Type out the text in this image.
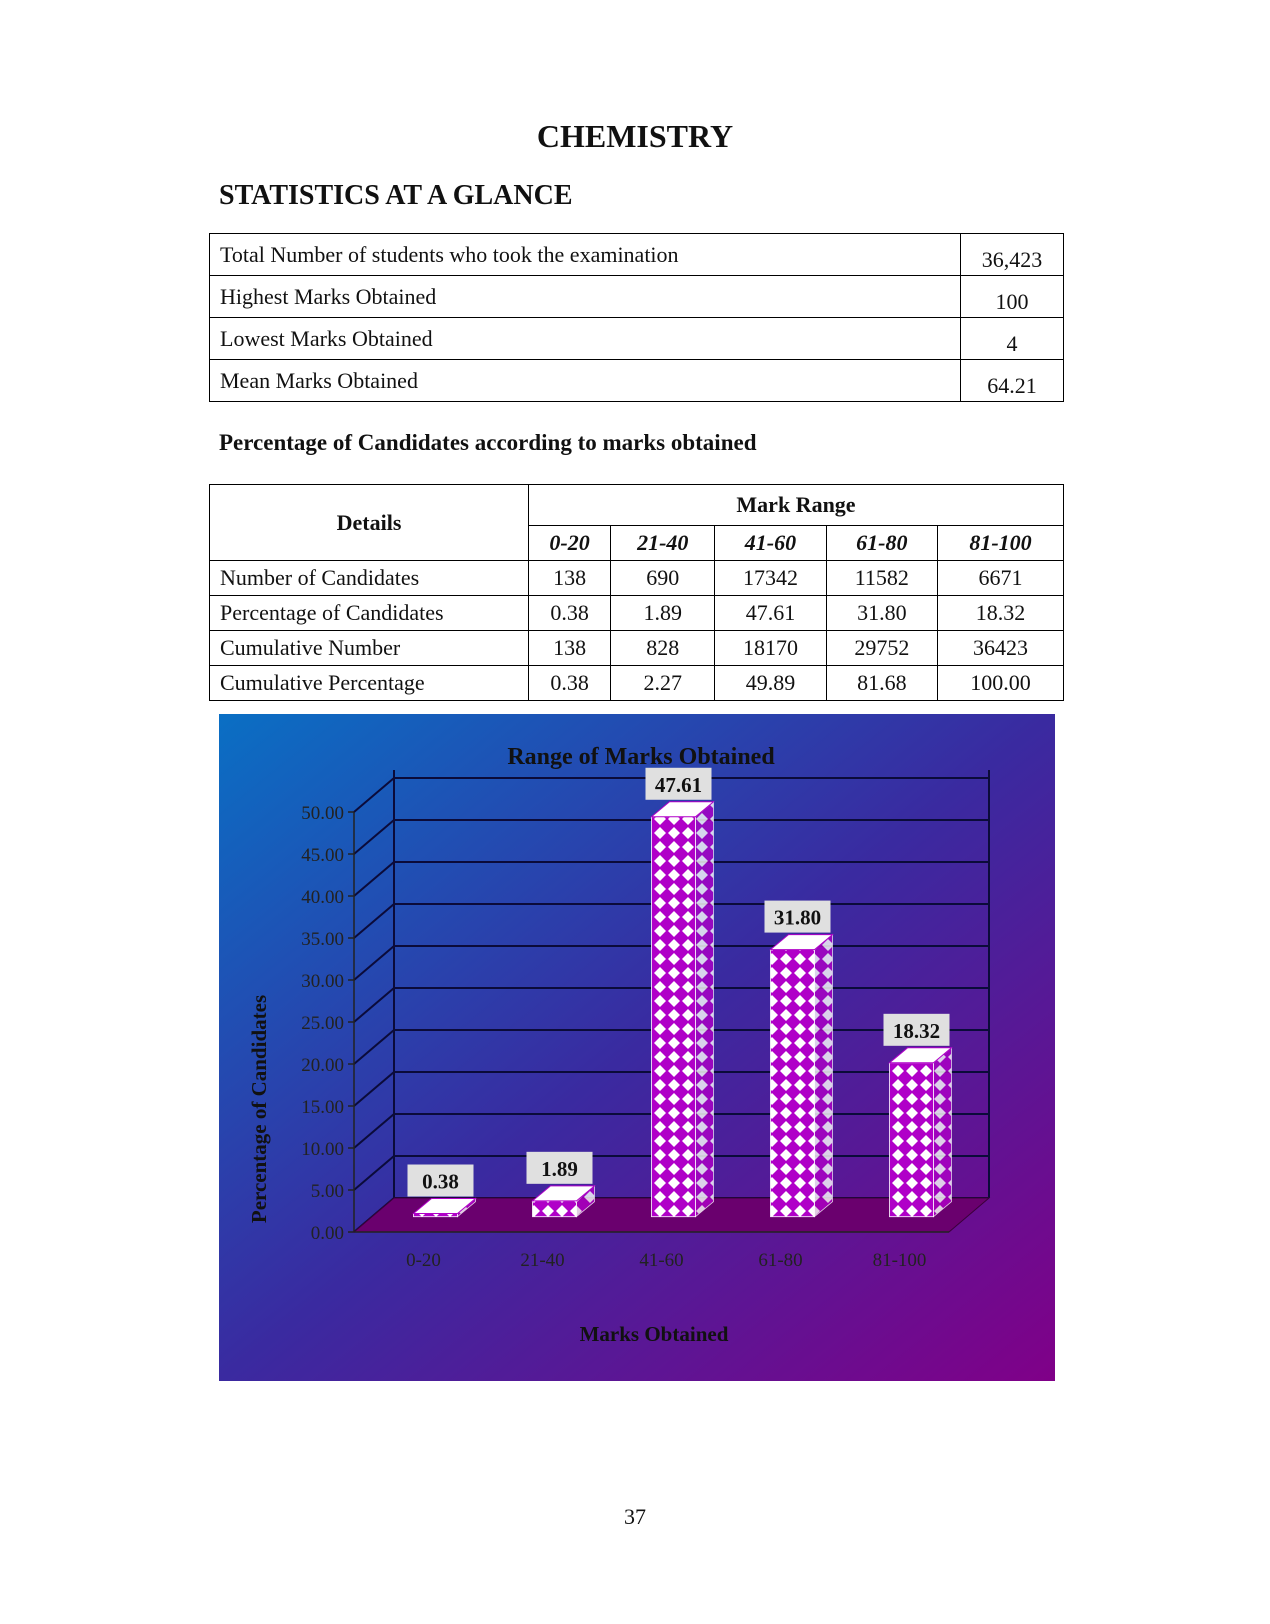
CHEMISTRY
STATISTICS AT A GLANCE
Total Number of students who took the examination	36,423
Highest Marks Obtained	100
Lowest Marks Obtained	4
Mean Marks Obtained	64.21
Percentage of Candidates according to marks obtained
Details	Mark Range				
	0-20	21-40	41-60	61-80	81-100
Number of Candidates	138	690	17342	11582	6671
Percentage of Candidates	0.38	1.89	47.61	31.80	18.32
Cumulative Number	138	828	18170	29752	36423
Cumulative Percentage	0.38	2.27	49.89	81.68	100.00
0.00
5.00
10.00
15.00
20.00
25.00
30.00
35.00
40.00
45.00
50.00
0-20	21-40	41-60	61-80	81-100
0.38
1.89
47.61
31.80
18.32
Range of Marks Obtained
Marks Obtained
Percentage of Candidates
37
